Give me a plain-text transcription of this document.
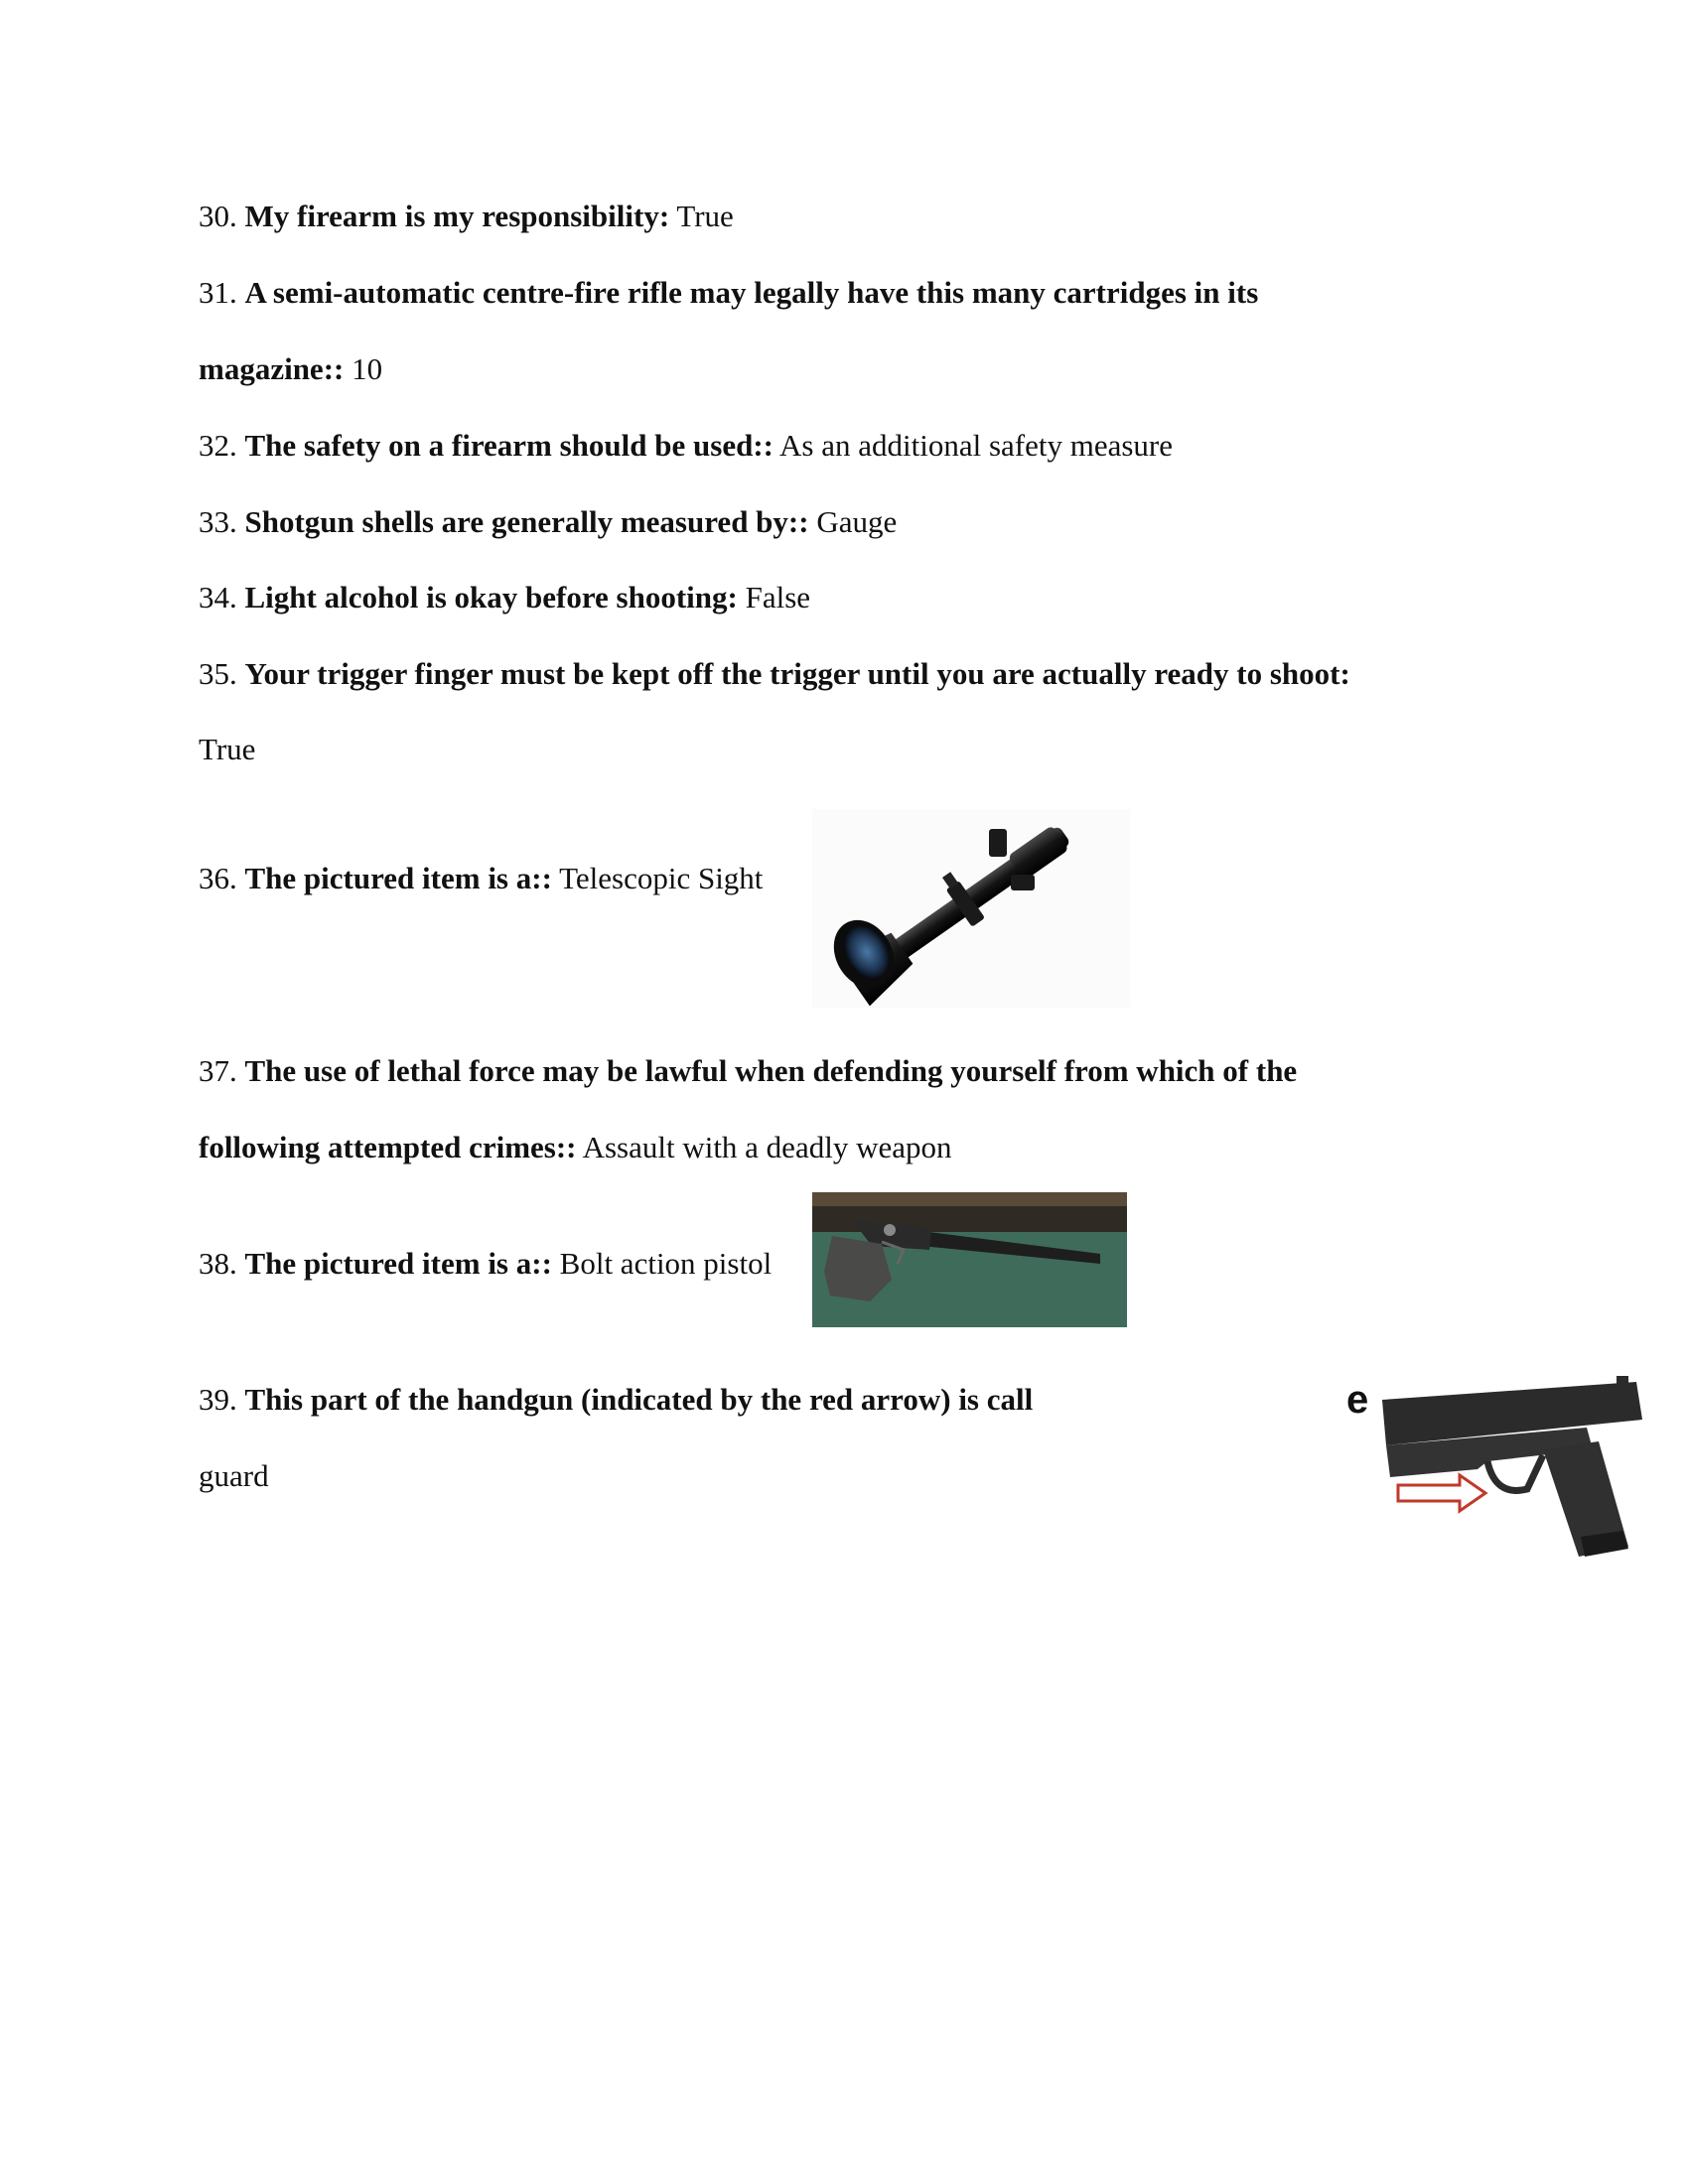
30. My firearm is my responsibility: True
31. A semi-automatic centre-fire rifle may legally have this many cartridges in its
magazine:: 10
32. The safety on a firearm should be used:: As an additional safety measure
33. Shotgun shells are generally measured by:: Gauge
34. Light alcohol is okay before shooting: False
35. Your trigger finger must be kept off the trigger until you are actually ready to shoot:
True
36. The pictured item is a:: Telescopic Sight
37. The use of lethal force may be lawful when defending yourself from which of the
following attempted crimes:: Assault with a deadly weapon
38. The pictured item is a:: Bolt action pistol
39. This part of the handgun (indicated by the red arrow) is call
guard
e
